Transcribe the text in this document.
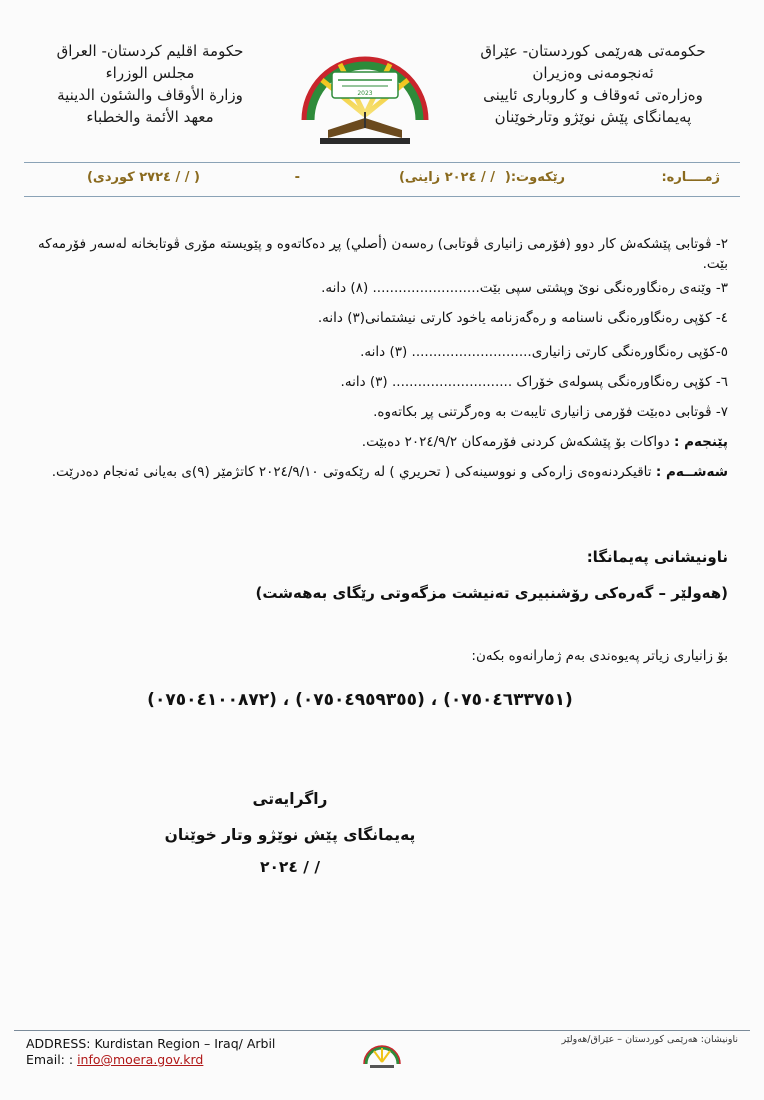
حکومەتی هەرێمی کوردستان- عێراق
ئەنجومەنی وەزیران
وەزارەتی ئەوقاف و کاروباری ئایینی
پەیمانگای پێش نوێژو وتارخوێنان
حكومة اقليم كردستان- العراق
مجلس الوزراء
وزارة الأوقاف والشئون الدينية
معهد الأئمة والخطباء
2023
ژمــــاره:
رێکەوت:(
/ / ٢٠٢٤ زاینی)
-
( / / ٢٧٢٤ کوردی)
٢- ڤوتابی پێشکەش کار دوو (فۆرمی زانیاری ڤوتابی) رەسەن (أصلي) پڕ دەکاتەوە و پێویستە مۆری ڤوتابخانە لەسەر فۆرمەکە بێت.
٣- وێنەی رەنگاورەنگی نوێ وپشتی سپی بێت......................... (٨) دانە.
٤- کۆپی رەنگاورەنگی ناسنامە و رەگەزنامە یاخود کارتی نیشتمانی(٣) دانە.
٥-کۆپی رەنگاورەنگی کارتی زانیاری............................ (٣) دانە.
٦- کۆپی رەنگاورەنگی پسولەی خۆراک ............................ (٣) دانە.
٧- ڤوتابی دەبێت فۆرمی زانیاری تایبەت بە وەرگرتنی پڕ بکاتەوە.
پێنجەم : دواکات بۆ پێشکەش کردنی فۆرمەکان ٢٠٢٤/٩/٢ دەبێت.
شەشــەم : تاقیکردنەوەی زارەکی و نووسینەکی ( تحريري ) لە رێکەوتی ٢٠٢٤/٩/١٠ کاتژمێر (٩)ی بەیانی ئەنجام دەدرێت.
ناونیشانی پەیمانگا:
(هەولێر – گەرەکی رۆشنبیری تەنیشت مزگەوتی رێگای بەهەشت)
بۆ زانیاری زیاتر پەیوەندی بەم ژمارانەوە بکەن:
(٠٧٥٠٤٦٣٣٧٥١) ، (٠٧٥٠٤٩٥٩٣٥٥) ، (٠٧٥٠٤١٠٠٨٧٢)
راگرایەتی
پەیمانگای پێش نوێژو وتار خوێنان
/ / ٢٠٢٤
ADDRESS: Kurdistan Region – Iraq/ Arbil
Email: : info@moera.gov.krd
ناونیشان: هەرێمی کوردستان – عێراق/هەولێر
